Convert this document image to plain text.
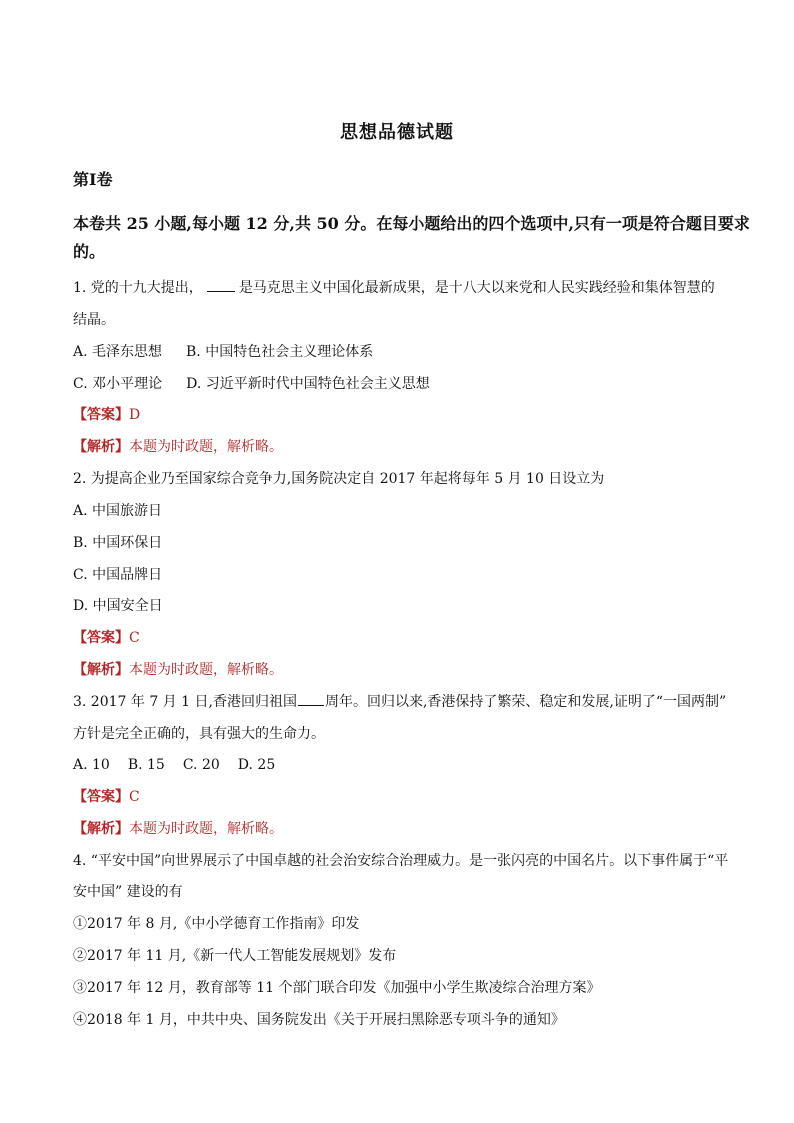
思想品德试题
第Ⅰ卷
本卷共 25 小题,每小题 12 分,共 50 分。在每小题给出的四个选项中,只有一项是符合题目要求
的。
1. 党的十九大提出，	是马克思主义中国化最新成果，是十八大以来党和人民实践经验和集体智慧的
结晶。
A. 毛泽东思想 B. 中国特色社会主义理论体系
C. 邓小平理论 D. 习近平新时代中国特色社会主义思想
【答案】D
【解析】本题为时政题，解析略。
2. 为提高企业乃至国家综合竞争力,国务院决定自 2017 年起将每年 5 月 10 日设立为
A. 中国旅游日
B. 中国环保日
C. 中国品牌日
D. 中国安全日
【答案】C
【解析】本题为时政题，解析略。
3. 2017 年 7 月 1 日,香港回归祖国 周年。回归以来,香港保持了繁荣、稳定和发展,证明了“一国两制”
方针是完全正确的，具有强大的生命力。
A. 10 B. 15 C. 20 D. 25
【答案】C
【解析】本题为时政题，解析略。
4. “平安中国”向世界展示了中国卓越的社会治安综合治理威力。是一张闪亮的中国名片。以下事件属于“平
安中国” 建设的有
①2017 年 8 月,《中小学德育工作指南》印发
②2017 年 11 月,《新一代人工智能发展规划》发布
③2017 年 12 月，教育部等 11 个部门联合印发《加强中小学生欺凌综合治理方案》
④2018 年 1 月，中共中央、国务院发出《关于开展扫黑除恶专项斗争的通知》
